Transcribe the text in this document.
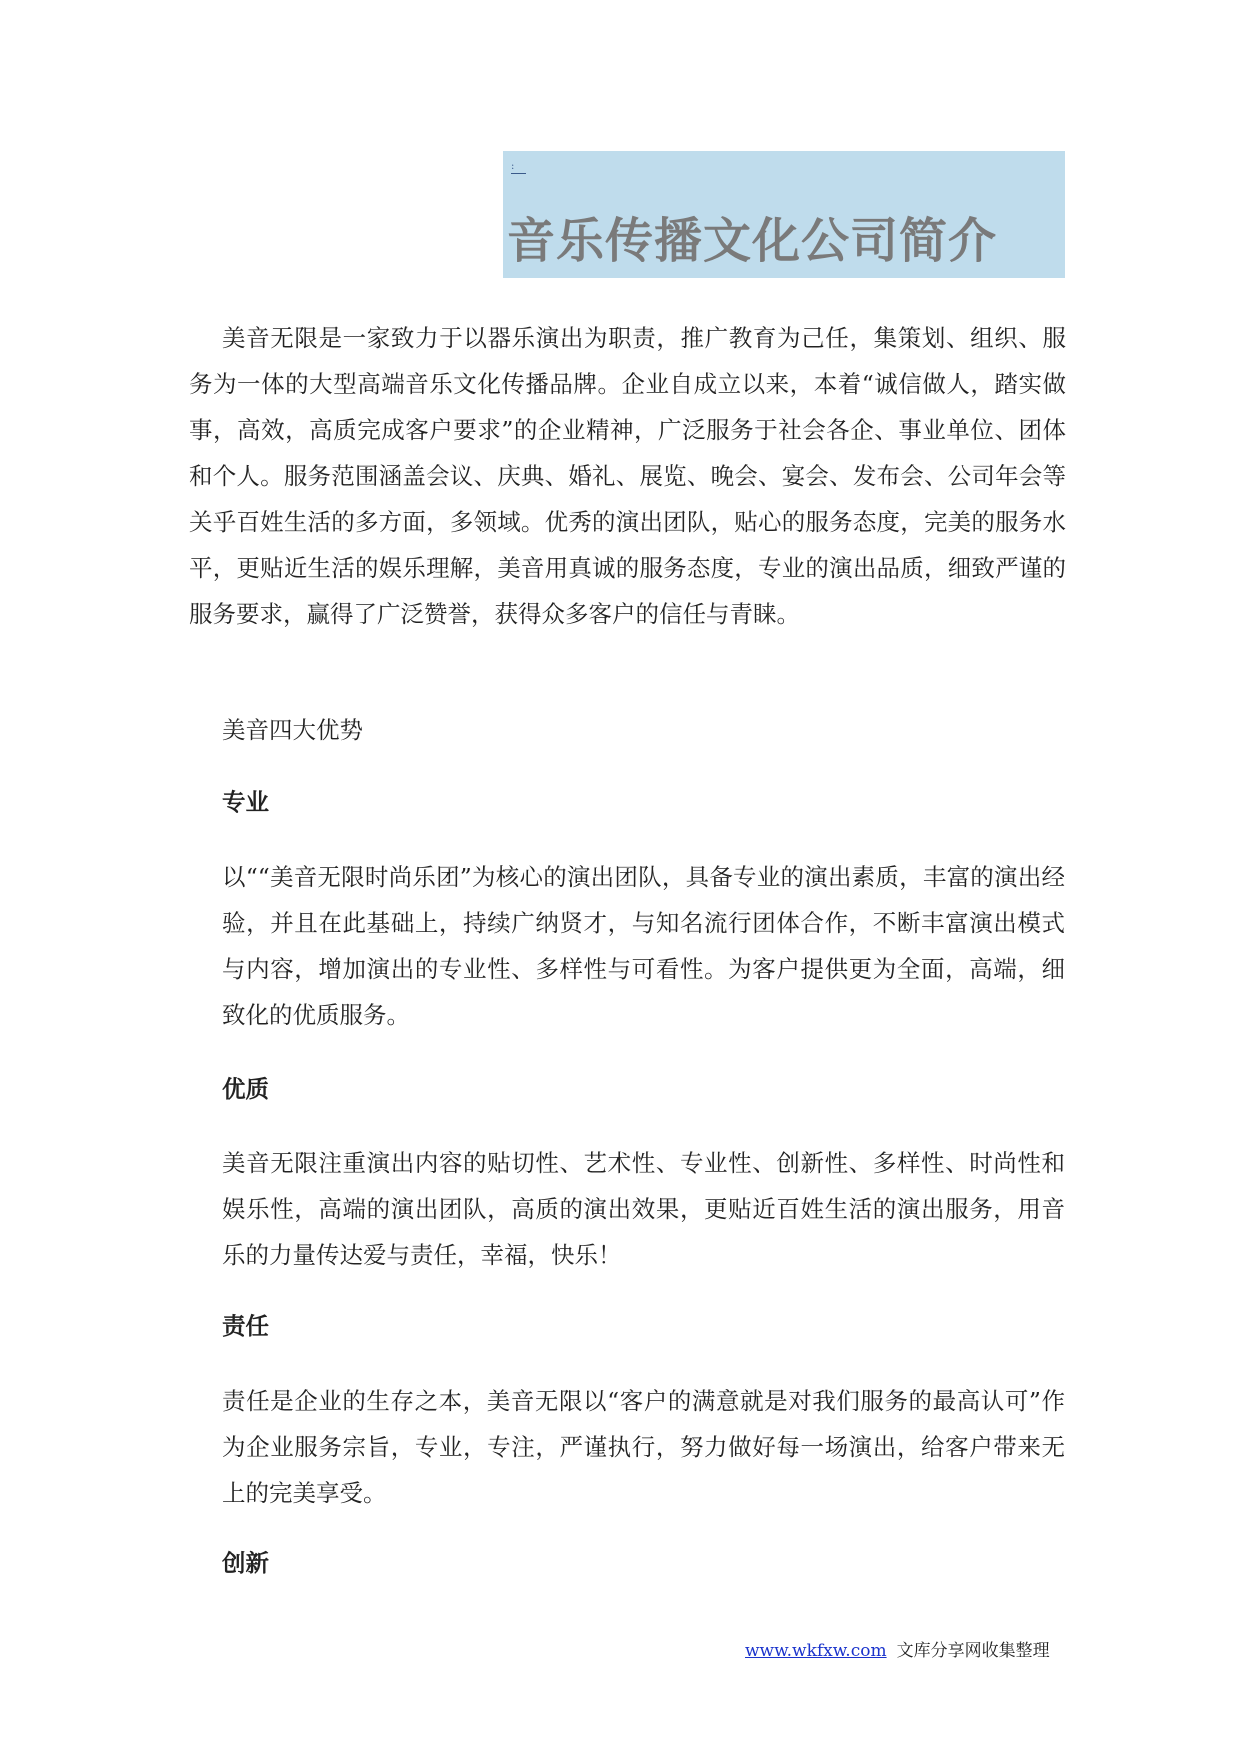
:
音乐传播文化公司简介

美音无限是一家致力于以器乐演出为职责，推广教育为己任，集策划、组织、服务为一体的大型高端音乐文化传播品牌。企业自成立以来，本着“诚信做人，踏实做事，高效，高质完成客户要求”的企业精神，广泛服务于社会各企、事业单位、团体和个人。服务范围涵盖会议、庆典、婚礼、展览、晚会、宴会、发布会、公司年会等关乎百姓生活的多方面，多领域。优秀的演出团队，贴心的服务态度，完美的服务水平，更贴近生活的娱乐理解，美音用真诚的服务态度，专业的演出品质，细致严谨的服务要求，赢得了广泛赞誉，获得众多客户的信任与青睐。

美音四大优势

专业

以““美音无限时尚乐团”为核心的演出团队，具备专业的演出素质，丰富的演出经验，并且在此基础上，持续广纳贤才，与知名流行团体合作，不断丰富演出模式与内容，增加演出的专业性、多样性与可看性。为客户提供更为全面，高端，细致化的优质服务。

优质

美音无限注重演出内容的贴切性、艺术性、专业性、创新性、多样性、时尚性和娱乐性，高端的演出团队，高质的演出效果，更贴近百姓生活的演出服务，用音乐的力量传达爱与责任，幸福，快乐！

责任

责任是企业的生存之本，美音无限以“客户的满意就是对我们服务的最高认可”作为企业服务宗旨，专业，专注，严谨执行，努力做好每一场演出，给客户带来无上的完美享受。

创新
www.wkfxw.com 文库分享网收集整理
